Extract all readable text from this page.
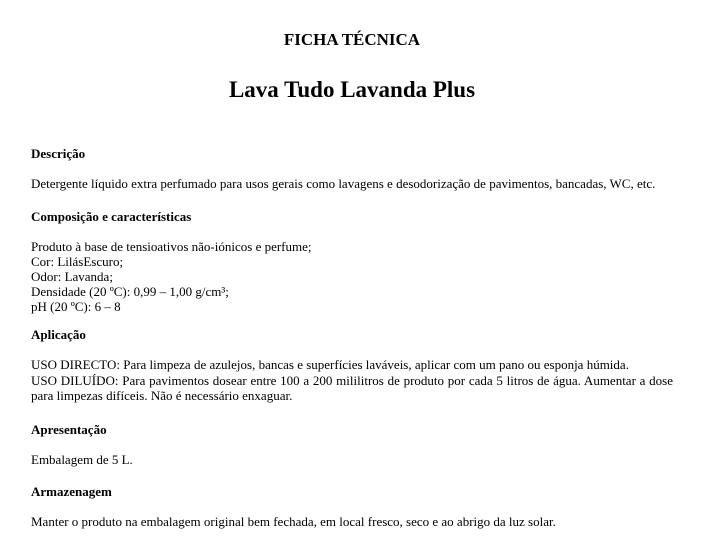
FICHA TÉCNICA
Lava Tudo Lavanda Plus
Descrição
Detergente líquido extra perfumado para usos gerais como lavagens e desodorização de pavimentos, bancadas, WC, etc.
Composição e características
Produto à base de tensioativos não-iónicos e perfume;
Cor: LilásEscuro;
Odor: Lavanda;
Densidade (20 ºC): 0,99 – 1,00 g/cm³;
pH (20 ºC): 6 – 8
Aplicação
USO DIRECTO: Para limpeza de azulejos, bancas e superfícies laváveis, aplicar com um pano ou esponja húmida.
USO DILUÍDO: Para pavimentos dosear entre 100 a 200 mililitros de produto por cada 5 litros de água. Aumentar a dose para limpezas difíceis. Não é necessário enxaguar.
Apresentação
Embalagem de 5 L.
Armazenagem
Manter o produto na embalagem original bem fechada, em local fresco, seco e ao abrigo da luz solar.
